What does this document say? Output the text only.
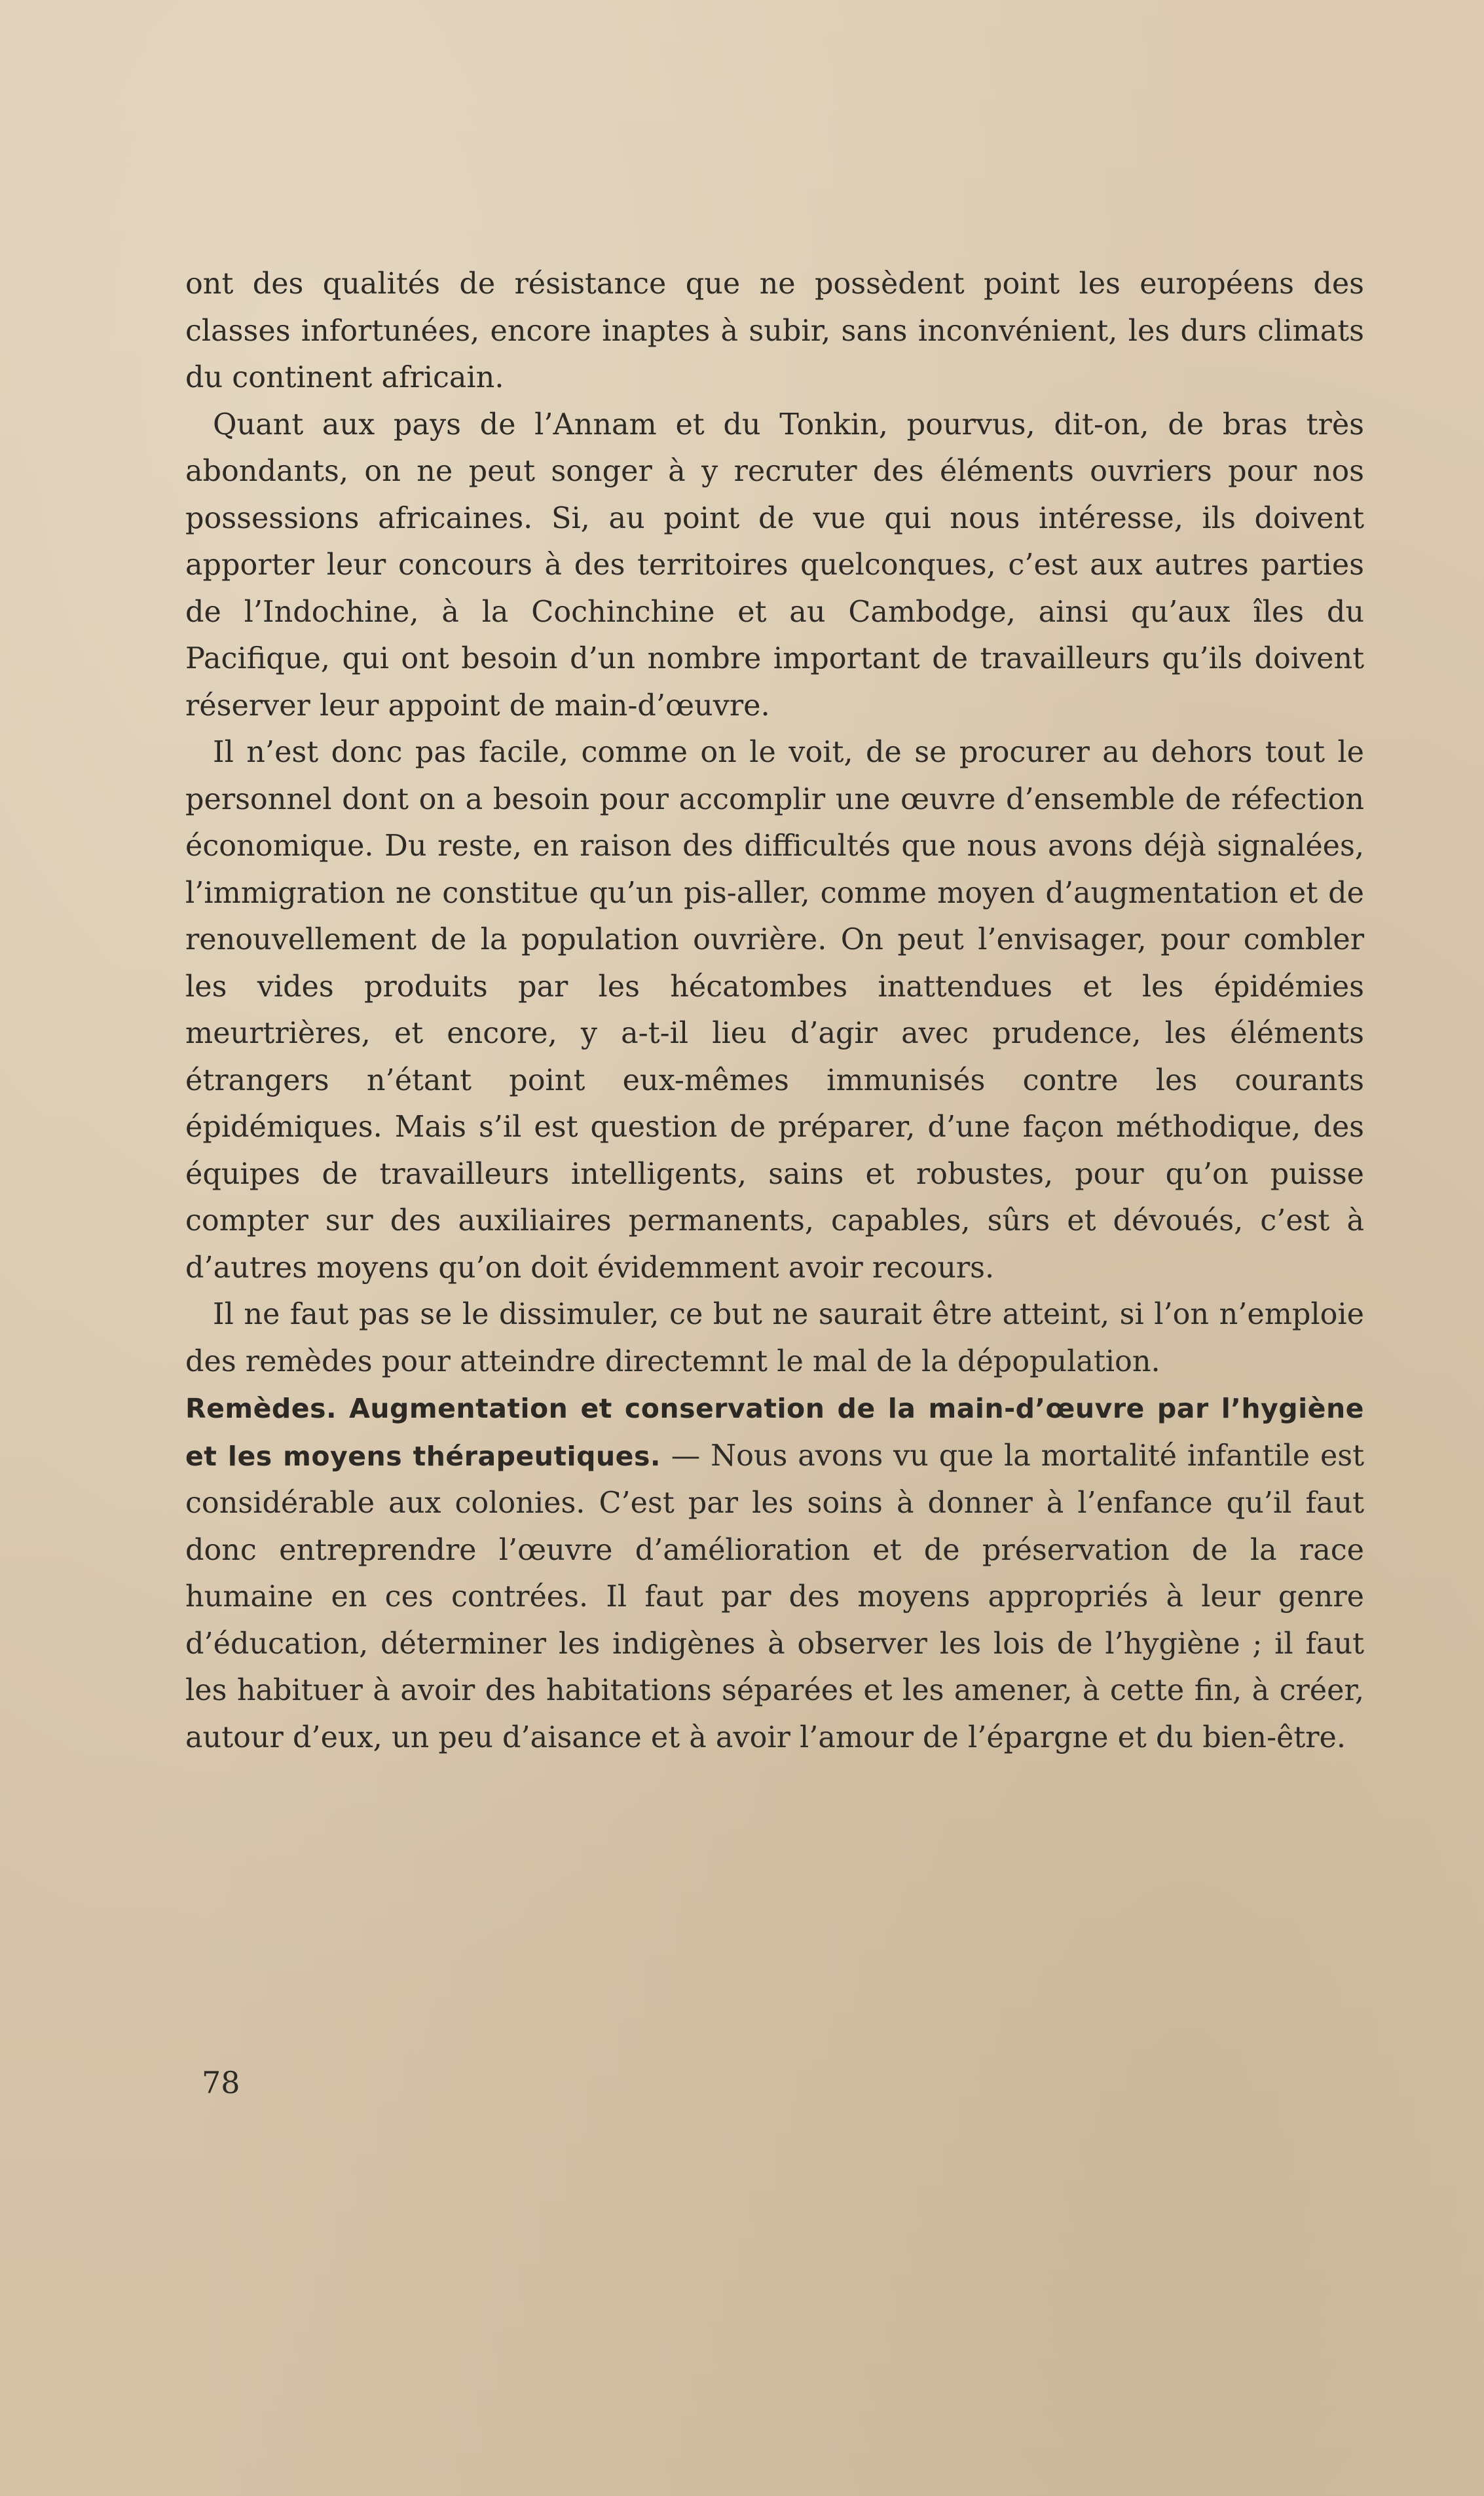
ont des qualités de résistance que ne possèdent point les européens des classes infortunées, encore inaptes à subir, sans inconvénient, les durs climats du continent africain.

Quant aux pays de l’Annam et du Tonkin, pourvus, dit-on, de bras très abondants, on ne peut songer à y recruter des éléments ouvriers pour nos possessions africaines. Si, au point de vue qui nous intéresse, ils doivent apporter leur concours à des territoires quelconques, c’est aux autres parties de l’Indochine, à la Cochinchine et au Cambodge, ainsi qu’aux îles du Pacifique, qui ont besoin d’un nombre important de travailleurs qu’ils doivent réserver leur appoint de main-d’œuvre.

Il n’est donc pas facile, comme on le voit, de se procurer au dehors tout le personnel dont on a besoin pour accomplir une œuvre d’ensemble de réfection économique. Du reste, en raison des difficultés que nous avons déjà signalées, l’immigration ne constitue qu’un pis-aller, comme moyen d’augmentation et de renouvellement de la population ouvrière. On peut l’envisager, pour combler les vides produits par les hécatombes inattendues et les épidémies meurtrières, et encore, y a-t-il lieu d’agir avec prudence, les éléments étrangers n’étant point eux-mêmes immunisés contre les courants épidémiques. Mais s’il est question de préparer, d’une façon méthodique, des équipes de travailleurs intelligents, sains et robustes, pour qu’on puisse compter sur des auxiliaires permanents, capables, sûrs et dévoués, c’est à d’autres moyens qu’on doit évidemment avoir recours.

Il ne faut pas se le dissimuler, ce but ne saurait être atteint, si l’on n’emploie des remèdes pour atteindre directemnt le mal de la dépopulation.

Remèdes. Augmentation et conservation de la main-d’œuvre par l’hygiène et les moyens thérapeutiques. — Nous avons vu que la mortalité infantile est considérable aux colonies. C’est par les soins à donner à l’enfance qu’il faut donc entreprendre l’œuvre d’amélioration et de préservation de la race humaine en ces contrées. Il faut par des moyens appropriés à leur genre d’éducation, déterminer les indigènes à observer les lois de l’hygiène ; il faut les habituer à avoir des habitations séparées et les amener, à cette fin, à créer, autour d’eux, un peu d’aisance et à avoir l’amour de l’épargne et du bien-être.

78
